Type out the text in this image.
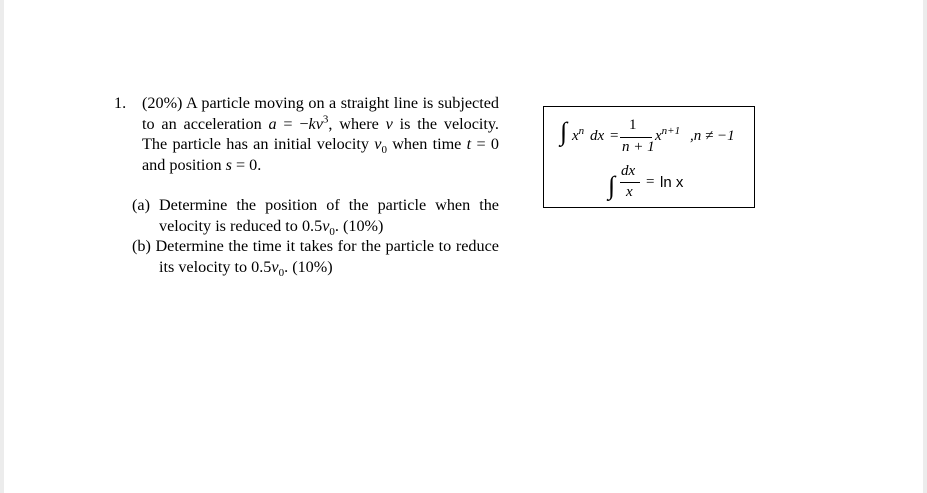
1. (20%) A particle moving on a straight line is subjected to an acceleration $a = -kv^3$, where v is the velocity. The particle has an initial velocity $v_0$ when time t = 0 and position s = 0.
(a) Determine the position of the particle when the velocity is reduced to $0.5v_0$. (10%)
(b) Determine the time it takes for the particle to reduce its velocity to $0.5v_0$. (10%)
∫ $x^n$ dx =
1
n + 1
$x^{n+1}$ ,n ≠ −1
∫ dx
x
= ln x
